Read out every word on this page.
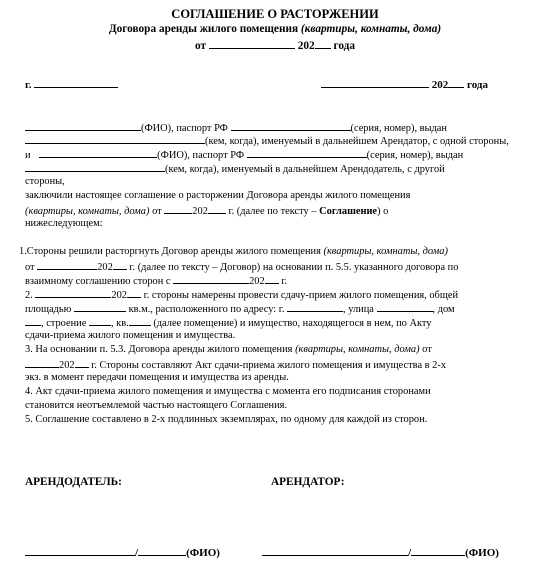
СОГЛАШЕНИЕ О РАСТОРЖЕНИИ
Договора аренды жилого помещения (квартиры, комнаты, дома)
от	202 года
г.	202 года
(ФИО), паспорт РФ	(серия, номер), выдан
(кем, когда), именуемый в дальнейшем Арендатор, с одной стороны,
и	(ФИО), паспорт РФ	(серия, номер), выдан
(кем, когда), именуемый в дальнейшем Арендодатель, с другой
стороны,
заключили настоящее соглашение о расторжении Договора аренды жилого помещения
(квартиры, комнаты, дома) от	202 г. (далее по тексту – Соглашение) о
нижеследующем:
1.Стороны решили расторгнуть Договор аренды жилого помещения (квартиры, комнаты, дома)
от	202 г. (далее по тексту – Договор) на основании п. 5.5. указанного договора по
взаимному соглашению сторон с	202 г.
2.	202 г. стороны намерены провести сдачу-прием жилого помещения, общей
площадью	кв.м., расположенного по адресу: г.	, улица	, дом
, строение , кв. (далее помещение) и имущество, находящегося в нем, по Акту
сдачи-приема жилого помещения и имущества.
3. На основании п. 5.3. Договора аренды жилого помещения (квартиры, комнаты, дома) от
202 г. Стороны составляют Акт сдачи-приема жилого помещения и имущества в 2-х
экз. в момент передачи помещения и имущества из аренды.
4. Акт сдачи-приема жилого помещения и имущества с момента его подписания сторонами
становится неотъемлемой частью настоящего Соглашения.
5. Соглашение составлено в 2-х подлинных экземплярах, по одному для каждой из сторон.
АРЕНДОДАТЕЛЬ:	АРЕНДАТОР:
/	(ФИО)	/	(ФИО)
